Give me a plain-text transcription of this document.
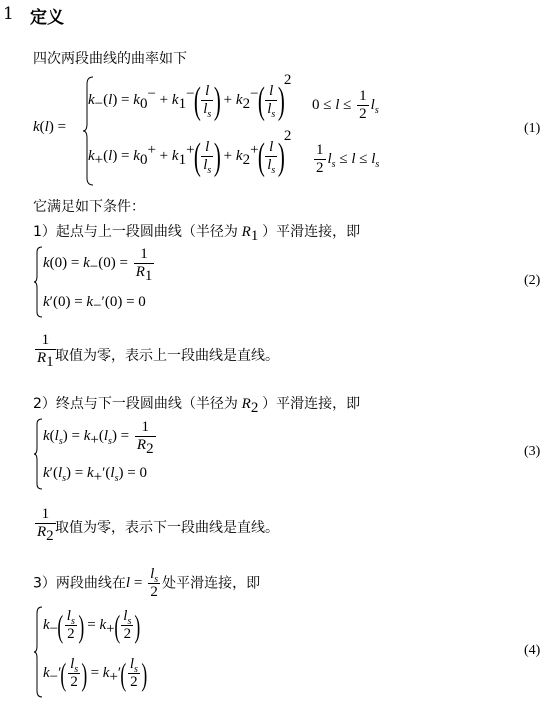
1 定义
四次两段曲线的曲率如下
k(l) =
$k_-(l) = k_0^- + k_1^-( \frac{l}{l_s}$ ) + $k_2^-( \frac{l}{l_s} )^2$
$0 \le l \le \frac{1}{2} l_s$
$k_+(l) = k_0^+ + k_1^+( \frac{l}{l_s}$ ) + $k_2^+( \frac{l}{l_s} )^2$
$\frac{1}{2} l_s \le l \le l_s$
(1)
它满足如下条件：
1）起点与上一段圆曲线（半径为 $R_1$ ）平滑连接，即
$k(0) = k_-(0) = \frac{1}{R_1}$
$k'(0) = k_-'(0) = 0$
(2)
$\frac{1}{R_1}$ 取值为零，表示上一段曲线是直线。
2）终点与下一段圆曲线（半径为 $R_2$ ）平滑连接，即
$k(l_s) = k_+(l_s) = \frac{1}{R_2}$
$k'(l_s) = k_+'(l_s) = 0$
(3)
$\frac{1}{R_2}$ 取值为零，表示下一段曲线是直线。
3）两段曲线在$l = \frac{l_s}{2}$ 处平滑连接，即
$k_-( \frac{l_s}{2}$ ) = $k_+( \frac{l_s}{2}$ )
$k_-'( \frac{l_s}{2}$ ) = $k_+'( \frac{l_s}{2}$ )
(4)
